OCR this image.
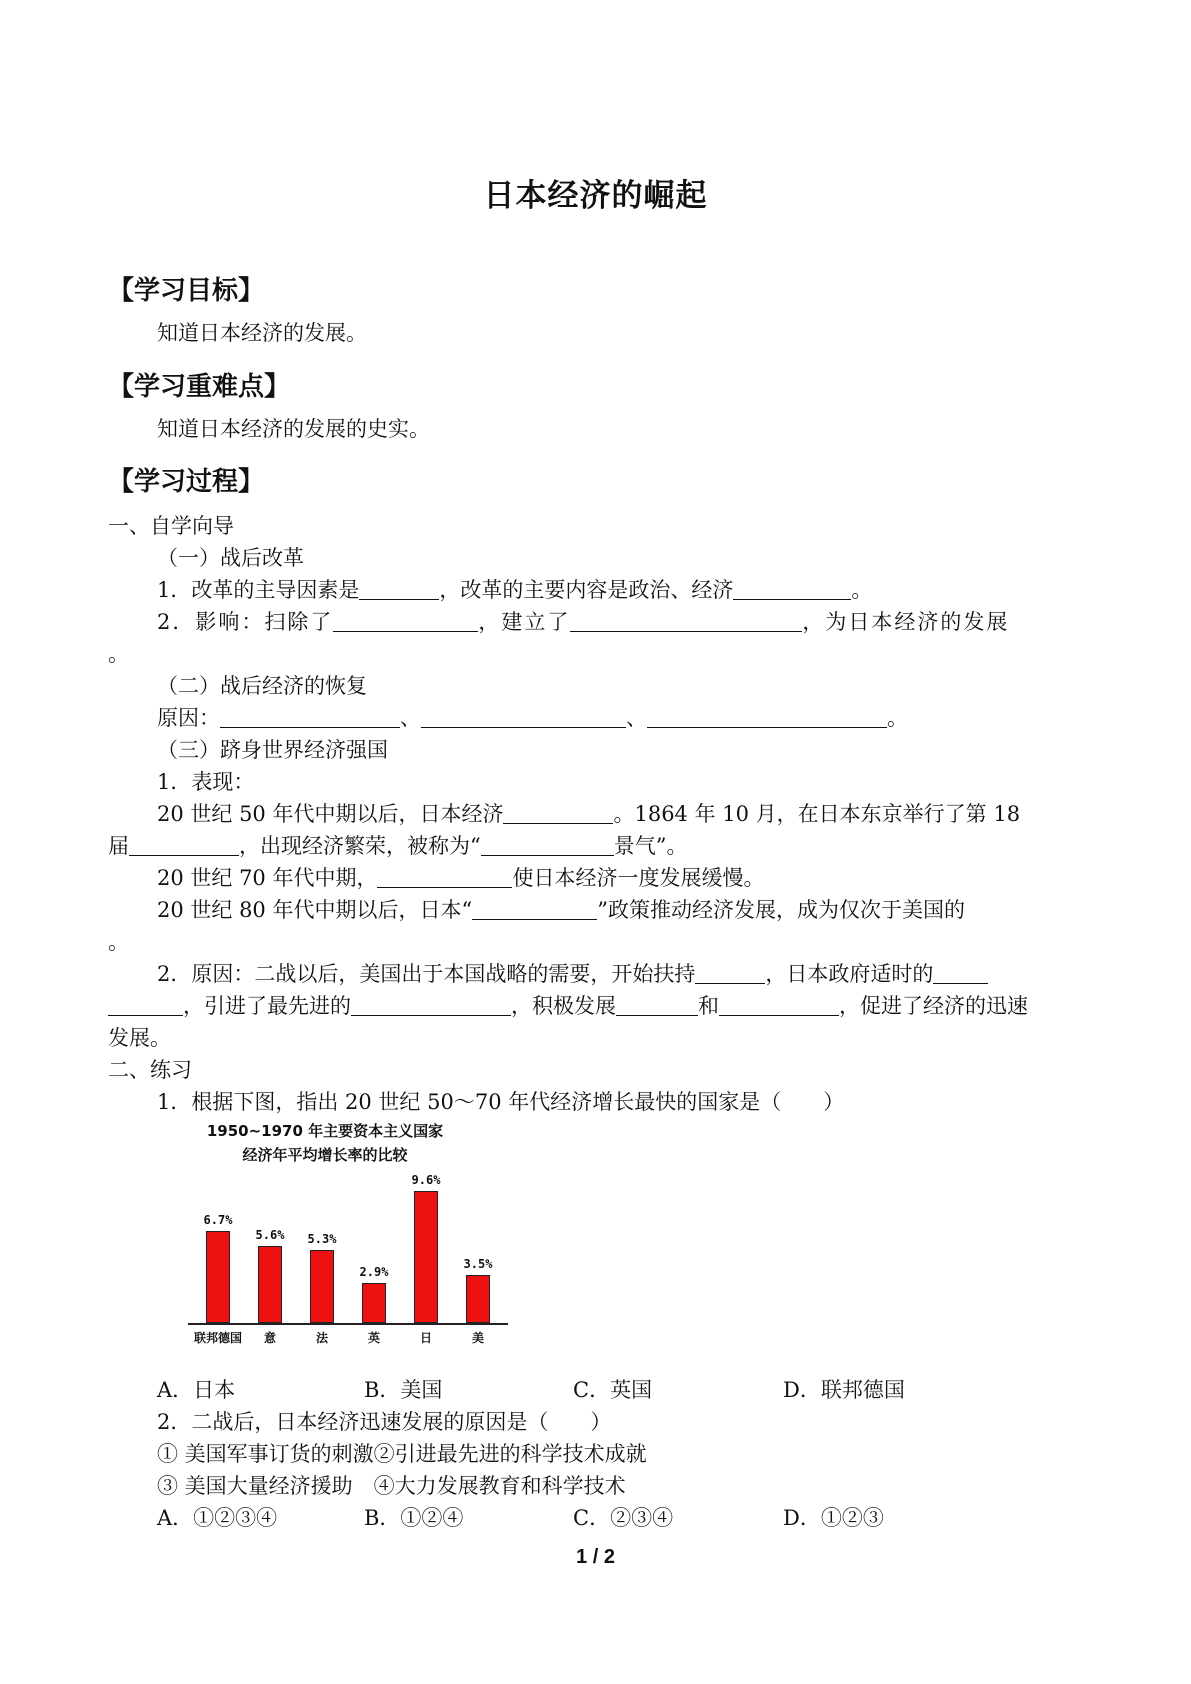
日本经济的崛起
【学习目标】
知道日本经济的发展。
【学习重难点】
知道日本经济的发展的史实。
【学习过程】
一、自学向导
（一）战后改革
1．改革的主导因素是	，改革的主要内容是政治、经济	。
2．影响：扫除了	，建立了	，为日本经济的发展
。
（二）战后经济的恢复
原因：	、	、	。
（三）跻身世界经济强国
1．表现：
20 世纪 50 年代中期以后，日本经济	。1864 年 10 月，在日本东京举行了第 18
届	，出现经济繁荣，被称为“	景气”。
20 世纪 70 年代中期，	使日本经济一度发展缓慢。
20 世纪 80 年代中期以后，日本“	”政策推动经济发展，成为仅次于美国的
。
2．原因：二战以后，美国出于本国战略的需要，开始扶持	，日本政府适时的
，引进了最先进的	，积极发展	和	，促进了经济的迅速
发展。
二、练习
1．根据下图，指出 20 世纪 50～70 年代经济增长最快的国家是（　　）
1950~1970 年主要资本主义国家
经济年平均增长率的比较
6.7%
联邦德国
5.6%
意
5.3%
法
2.9%
英
9.6%
日
3.5%
美
A．日本	B．美国	C．英国	D．联邦德国
2．二战后，日本经济迅速发展的原因是（　　）
① 美国军事订货的刺激②引进最先进的科学技术成就
③ 美国大量经济援助　④大力发展教育和科学技术
A．①②③④	B．①②④	C．②③④	D．①②③
1 / 2
